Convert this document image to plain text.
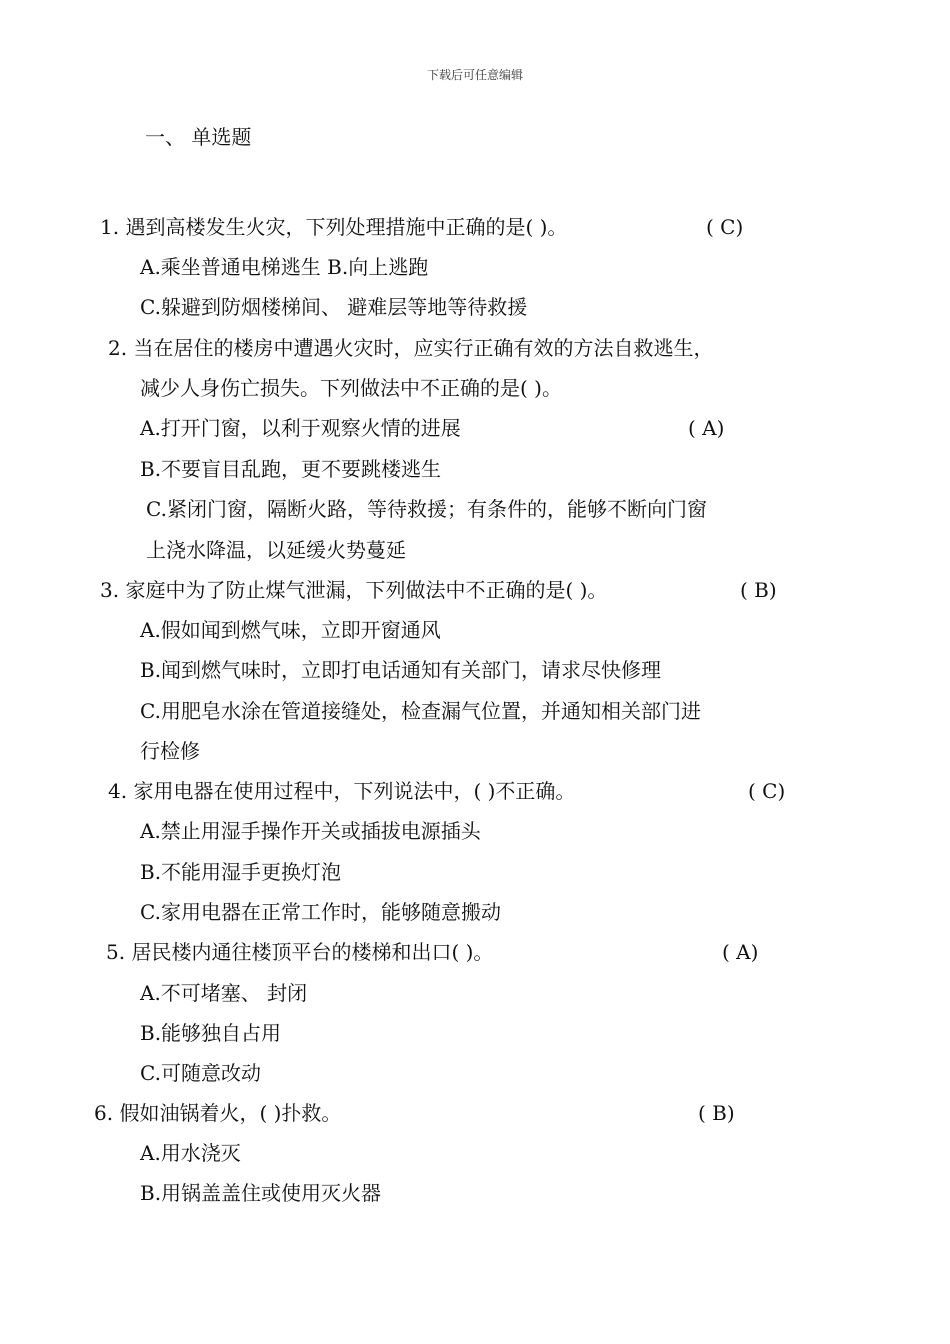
下载后可任意编辑
一、 单选题
1. 遇到高楼发生火灾，下列处理措施中正确的是( )。	( C)
A.乘坐普通电梯逃生 B.向上逃跑
C.躲避到防烟楼梯间、 避难层等地等待救援
2. 当在居住的楼房中遭遇火灾时，应实行正确有效的方法自救逃生，
减少人身伤亡损失。下列做法中不正确的是( )。
( A)
A.打开门窗，以利于观察火情的进展
B.不要盲目乱跑，更不要跳楼逃生
C.紧闭门窗，隔断火路，等待救援；有条件的，能够不断向门窗
上浇水降温，以延缓火势蔓延
3. 家庭中为了防止煤气泄漏，下列做法中不正确的是( )。	( B)
A.假如闻到燃气味，立即开窗通风
B.闻到燃气味时，立即打电话通知有关部门，请求尽快修理
C.用肥皂水涂在管道接缝处，检查漏气位置，并通知相关部门进
行检修
4. 家用电器在使用过程中，下列说法中，( )不正确。	( C)
A.禁止用湿手操作开关或插拔电源插头
B.不能用湿手更换灯泡
C.家用电器在正常工作时，能够随意搬动
5. 居民楼内通往楼顶平台的楼梯和出口( )。	( A)
A.不可堵塞、 封闭
B.能够独自占用
C.可随意改动
6. 假如油锅着火，( )扑救。	( B)
A.用水浇灭
B.用锅盖盖住或使用灭火器
